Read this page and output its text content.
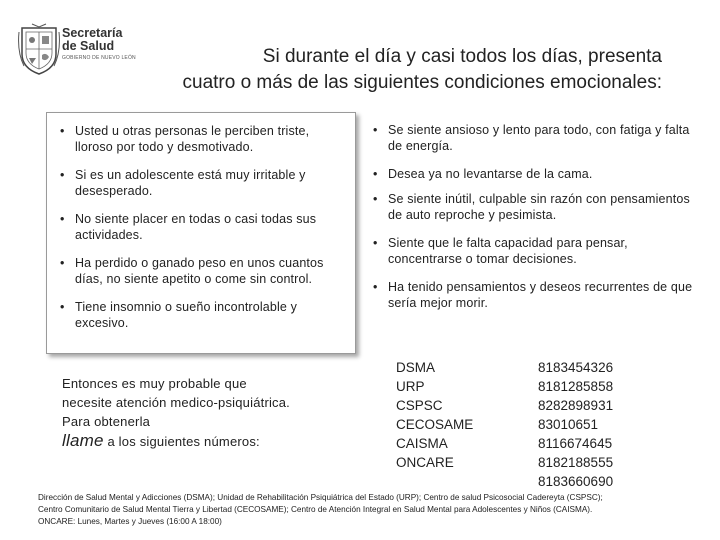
Secretaría
de Salud
GOBIERNO DE NUEVO LEÓN	Si durante el día y casi todos los días, presenta
cuatro o más de las siguientes condiciones emocionales:
• Usted u otras personas le perciben triste, lloroso por todo y desmotivado.
• Si es un adolescente está muy irritable y desesperado.
• No siente placer en todas o casi todas sus actividades.
• Ha perdido o ganado peso en unos cuantos días, no siente apetito o come sin control.
• Tiene insomnio o sueño incontrolable y excesivo.
• Se siente ansioso y lento para todo, con fatiga y falta de energía.
• Desea ya no levantarse de la cama.
• Se siente inútil, culpable sin razón con pensamientos de auto reproche y pesimista.
• Siente que le falta capacidad para pensar, concentrarse o tomar decisiones.
• Ha tenido pensamientos y deseos recurrentes de que sería mejor morir.
Entonces es muy probable que necesite atención medico-psiquiátrica. Para obtenerla
llame a los siguientes números:
DSMA
URP
CSPSC
CECOSAME
CAISMA
ONCARE
8183454326
8181285858
8282898931
83010651
8116674645
8182188555
8183660690
Dirección de Salud Mental y Adicciones (DSMA); Unidad de Rehabilitación Psiquiátrica del Estado (URP); Centro de salud Psicosocial Cadereyta (CSPSC);
Centro Comunitario de Salud Mental Tierra y Libertad (CECOSAME); Centro de Atención Integral en Salud Mental para Adolescentes y Niños (CAISMA).
ONCARE: Lunes, Martes y Jueves (16:00 A 18:00)
